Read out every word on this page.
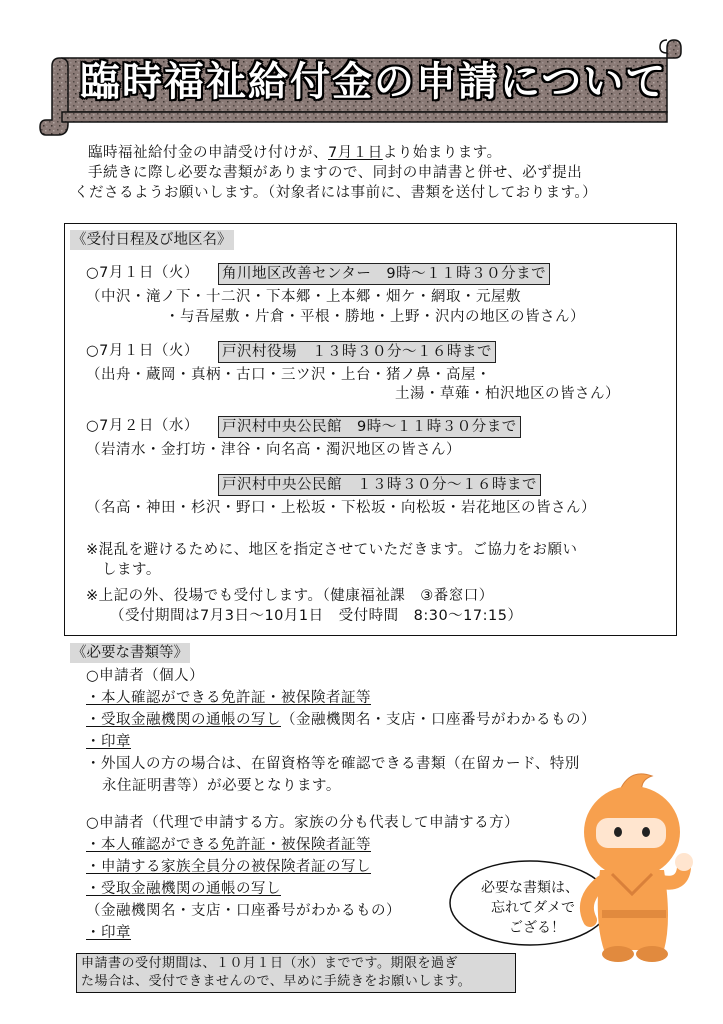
臨時福祉給付金の申請について
臨時福祉給付金の申請受け付けが、7月１日より始まります。
手続きに際し必要な書類がありますので、同封の申請書と併せ、必ず提出
くださるようお願いします。（対象者には事前に、書類を送付しております。）
《受付日程及び地区名》
○7月１日（火） 角川地区改善センター　9時～１１時３０分まで
（中沢・滝ノ下・十二沢・下本郷・上本郷・畑ケ・網取・元屋敷
・与吾屋敷・片倉・平根・勝地・上野・沢内の地区の皆さん）
○7月１日（火） 戸沢村役場　１３時３０分～１６時まで
（出舟・蔵岡・真柄・古口・三ツ沢・上台・猪ノ鼻・高屋・
土湯・草薙・柏沢地区の皆さん）
○7月２日（水） 戸沢村中央公民館　9時～１１時３０分まで
（岩清水・金打坊・津谷・向名高・濁沢地区の皆さん）
戸沢村中央公民館　１３時３０分～１６時まで
（名高・神田・杉沢・野口・上松坂・下松坂・向松坂・岩花地区の皆さん）
※混乱を避けるために、地区を指定させていただきます。ご協力をお願い
します。
※上記の外、役場でも受付します。（健康福祉課　③番窓口）
（受付期間は7月3日～10月1日　受付時間　8:30～17:15）
《必要な書類等》
○申請者（個人）
・本人確認ができる免許証・被保険者証等
・受取金融機関の通帳の写し（金融機関名・支店・口座番号がわかるもの）
・印章
・外国人の方の場合は、在留資格等を確認できる書類（在留カード、特別
永住証明書等）が必要となります。
○申請者（代理で申請する方。家族の分も代表して申請する方）
・本人確認ができる免許証・被保険者証等
・申請する家族全員分の被保険者証の写し
・受取金融機関の通帳の写し
（金融機関名・支店・口座番号がわかるもの）
・印章
必要な書類は、
忘れてダメで
ござる！
申請書の受付期間は、１０月１日（水）までです。期限を過ぎ
た場合は、受付できませんので、早めに手続きをお願いします。
